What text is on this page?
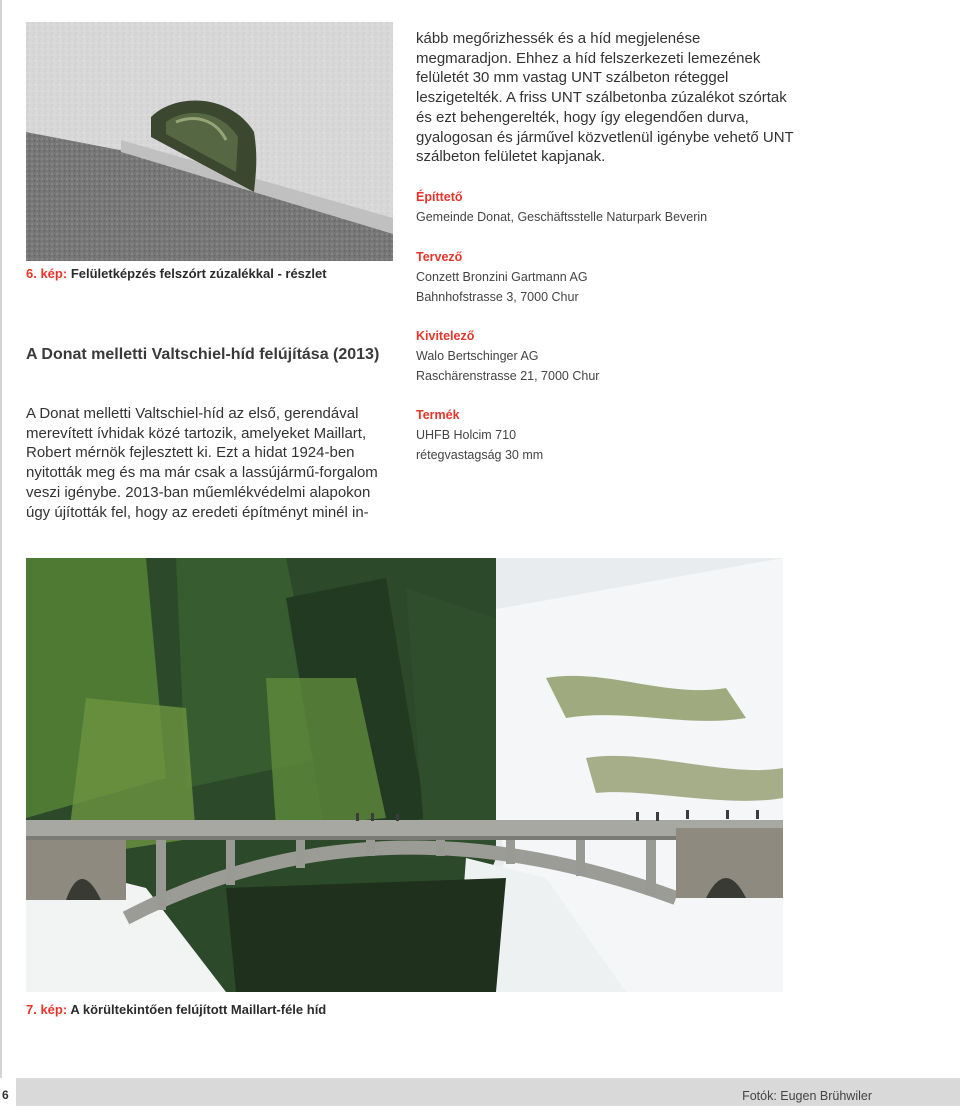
6. kép: Felületképzés felszórt zúzalékkal - részlet
kább megőrizhessék és a híd megjelenése megmaradjon. Ehhez a híd felszerkezeti lemezének felületét 30 mm vastag UNT szálbeton réteggel leszigetelték. A friss UNT szálbetonba zúzalékot szórtak és ezt behengerelték, hogy így elegendően durva, gyalogosan és járművel közvetlenül igénybe vehető UNT szálbeton felületet kapjanak.
Építtető
Gemeinde Donat, Geschäftsstelle Naturpark Beverin
Tervező
Conzett Bronzini Gartmann AG
Bahnhofstrasse 3, 7000 Chur
Kivitelező
Walo Bertschinger AG
Raschärenstrasse 21, 7000 Chur
Termék
UHFB Holcim 710
rétegvastagság 30 mm
A Donat melletti Valtschiel-híd felújítása (2013)
A Donat melletti Valtschiel-híd az első, gerendával merevített ívhidak közé tartozik, amelyeket Maillart, Robert mérnök fejlesztett ki. Ezt a hidat 1924-ben nyitották meg és ma már csak a lassújármű-forgalom veszi igénybe. 2013-ban műemlékvédelmi alapokon úgy újították fel, hogy az eredeti építményt minél in-
7. kép: A körültekintően felújított Maillart-féle híd
6	Fotók: Eugen Brühwiler
